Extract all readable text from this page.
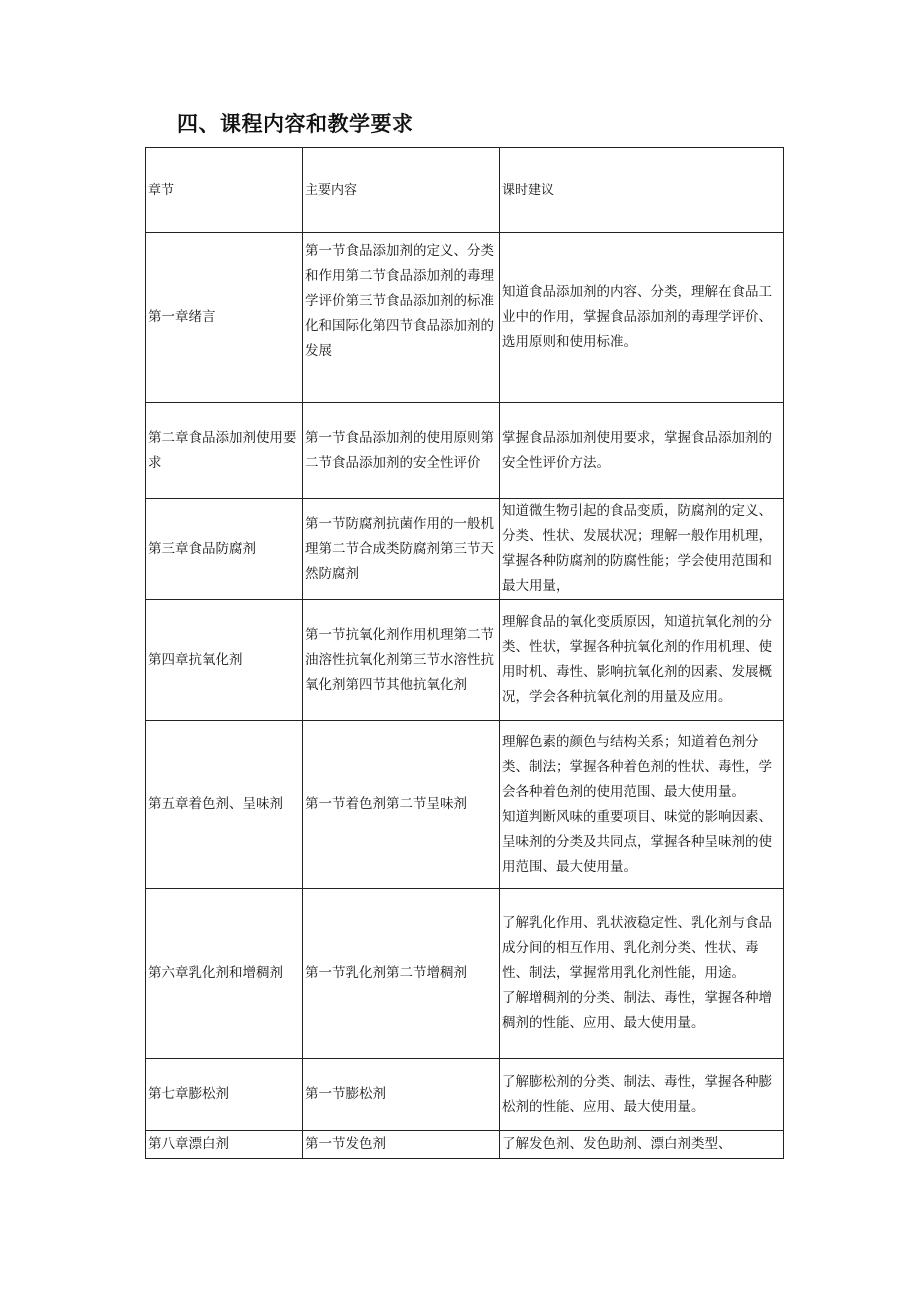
四、课程内容和教学要求
章节	主要内容	课时建议
第一章绪言	第一节食品添加剂的定义、分类和作用第二节食品添加剂的毒理学评价第三节食品添加剂的标准化和国际化第四节食品添加剂的发展	知道食品添加剂的内容、分类，理解在食品工业中的作用，掌握食品添加剂的毒理学评价、选用原则和使用标准。

第二章食品添加剂使用要求	第一节食品添加剂的使用原则第二节食品添加剂的安全性评价	掌握食品添加剂使用要求，掌握食品添加剂的安全性评价方法。

第三章食品防腐剂	第一节防腐剂抗菌作用的一般机理第二节合成类防腐剂第三节天然防腐剂	知道微生物引起的食品变质，防腐剂的定义、分类、性状、发展状况；理解一般作用机理，掌握各种防腐剂的防腐性能；学会使用范围和最大用量，

第四章抗氧化剂	第一节抗氧化剂作用机理第二节油溶性抗氧化剂第三节水溶性抗氧化剂第四节其他抗氧化剂	理解食品的氧化变质原因，知道抗氧化剂的分类、性状，掌握各种抗氧化剂的作用机理、使用时机、毒性、影响抗氧化剂的因素、发展概况，学会各种抗氧化剂的用量及应用。

第五章着色剂、呈味剂	第一节着色剂第二节呈味剂	理解色素的颜色与结构关系；知道着色剂分类、制法；掌握各种着色剂的性状、毒性，学会各种着色剂的使用范围、最大使用量。
知道判断风味的重要项目、味觉的影响因素、呈味剂的分类及共同点，掌握各种呈味剂的使用范围、最大使用量。

第六章乳化剂和增稠剂	第一节乳化剂第二节增稠剂	了解乳化作用、乳状液稳定性、乳化剂与食品成分间的相互作用、乳化剂分类、性状、毒性、制法，掌握常用乳化剂性能，用途。
了解增稠剂的分类、制法、毒性，掌握各种增稠剂的性能、应用、最大使用量。

第七章膨松剂	第一节膨松剂	了解膨松剂的分类、制法、毒性，掌握各种膨松剂的性能、应用、最大使用量。

第八章漂白剂	第一节发色剂	了解发色剂、发色助剂、漂白剂类型、
